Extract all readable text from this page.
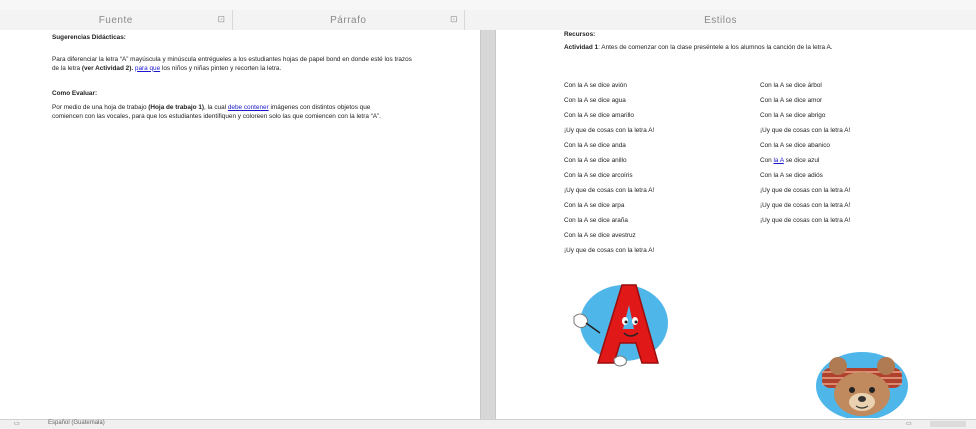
Fuente	⊡	Párrafo	⊡	Estilos
Sugerencias Didácticas:
Para diferenciar la letra “A” mayúscula y minúscula entrégueles a los estudiantes hojas de papel bond en donde esté los trazos de la letra (ver Actividad 2). para que los niños y niñas pinten y recorten la letra.
Como Evaluar:
Por medio de una hoja de trabajo (Hoja de trabajo 1), la cual debe contener imágenes con distintos objetos que comiencen con las vocales, para que los estudiantes identifiquen y coloreen solo las que comiencen con la letra “A”.
Recursos:
Actividad 1: Antes de comenzar con la clase preséntele a los alumnos la canción de la letra A.
Con la A se dice avión
Con la A se dice agua
Con la A se dice amarillo
¡Uy que de cosas con la letra A!
Con la A se dice anda
Con la A se dice anillo
Con la A se dice arcoíris
¡Uy que de cosas con la letra A!
Con la A se dice arpa
Con la A se dice araña
Con la A se dice avestruz
¡Uy que de cosas con la letra A!
Con la A se dice árbol
Con la A se dice amor
Con la A se dice abrigo
¡Uy que de cosas con la letra A!
Con la A se dice abanico
Con la A se dice azul
Con la A se dice adiós
¡Uy que de cosas con la letra A!
¡Uy que de cosas con la letra A!
¡Uy que de cosas con la letra A!
▭	Español (Guatemala)	▭
